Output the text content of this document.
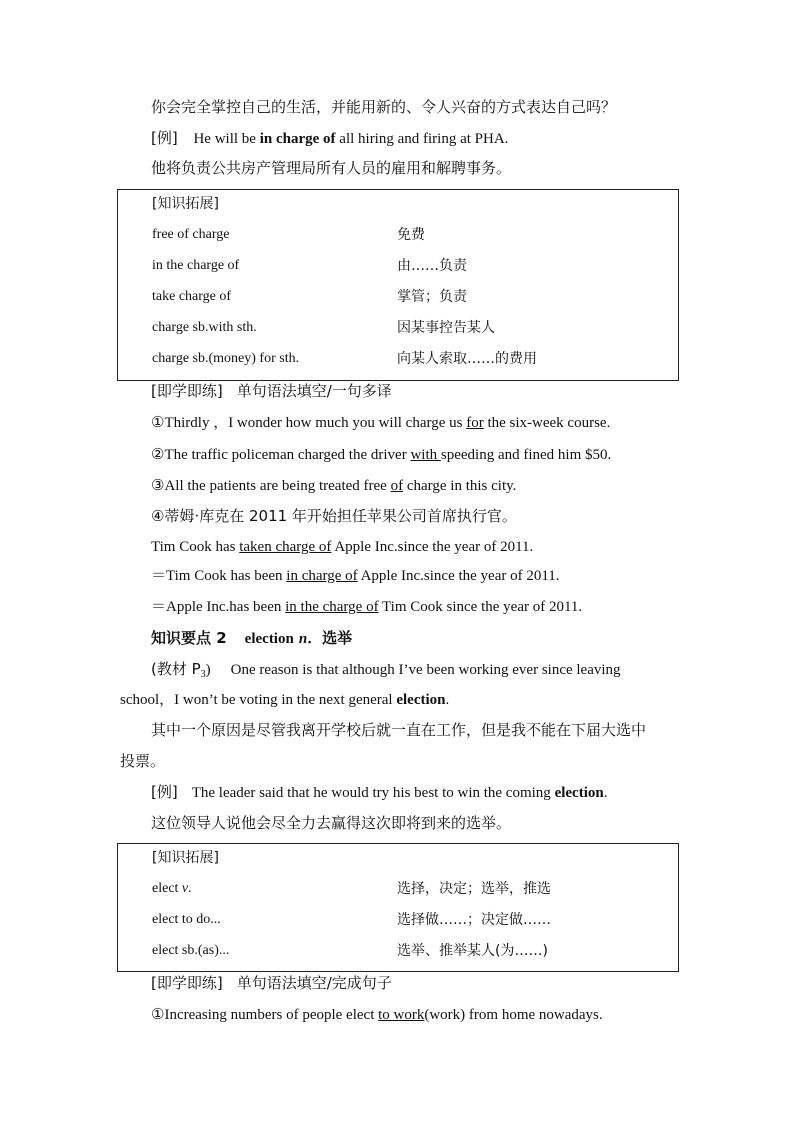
你会完全掌控自己的生活，并能用新的、令人兴奋的方式表达自己吗？
[例] He will be in charge of all hiring and firing at PHA.
他将负责公共房产管理局所有人员的雇用和解聘事务。
[知识拓展]
free of charge	免费
in the charge of	由……负责
take charge of	掌管；负责
charge sb.with sth.	因某事控告某人
charge sb.(money) for sth.	向某人索取……的费用
[即学即练] 单句语法填空/一句多译
①Thirdly ，I wonder how much you will charge us for the six-week course.
②The traffic policeman charged the driver with speeding and fined him $50.
③All the patients are being treated free of charge in this city.
④蒂姆·库克在 2011 年开始担任苹果公司首席执行官。
Tim Cook has taken charge of Apple Inc.since the year of 2011.
＝Tim Cook has been in charge of Apple Inc.since the year of 2011.
＝Apple Inc.has been in the charge of Tim Cook since the year of 2011.
知识要点 2 election n．选举
(教材 $P_3$) One reason is that although I’ve been working ever since leaving
school，I won’t be voting in the next general election.
其中一个原因是尽管我离开学校后就一直在工作，但是我不能在下届大选中
投票。
[例] The leader said that he would try his best to win the coming election.
这位领导人说他会尽全力去赢得这次即将到来的选举。
[知识拓展]
elect v.	选择，决定；选举，推选
elect to do...	选择做……；决定做……
elect sb.(as)...	选举、推举某人(为……)
[即学即练] 单句语法填空/完成句子
①Increasing numbers of people elect to work(work) from home nowadays.
